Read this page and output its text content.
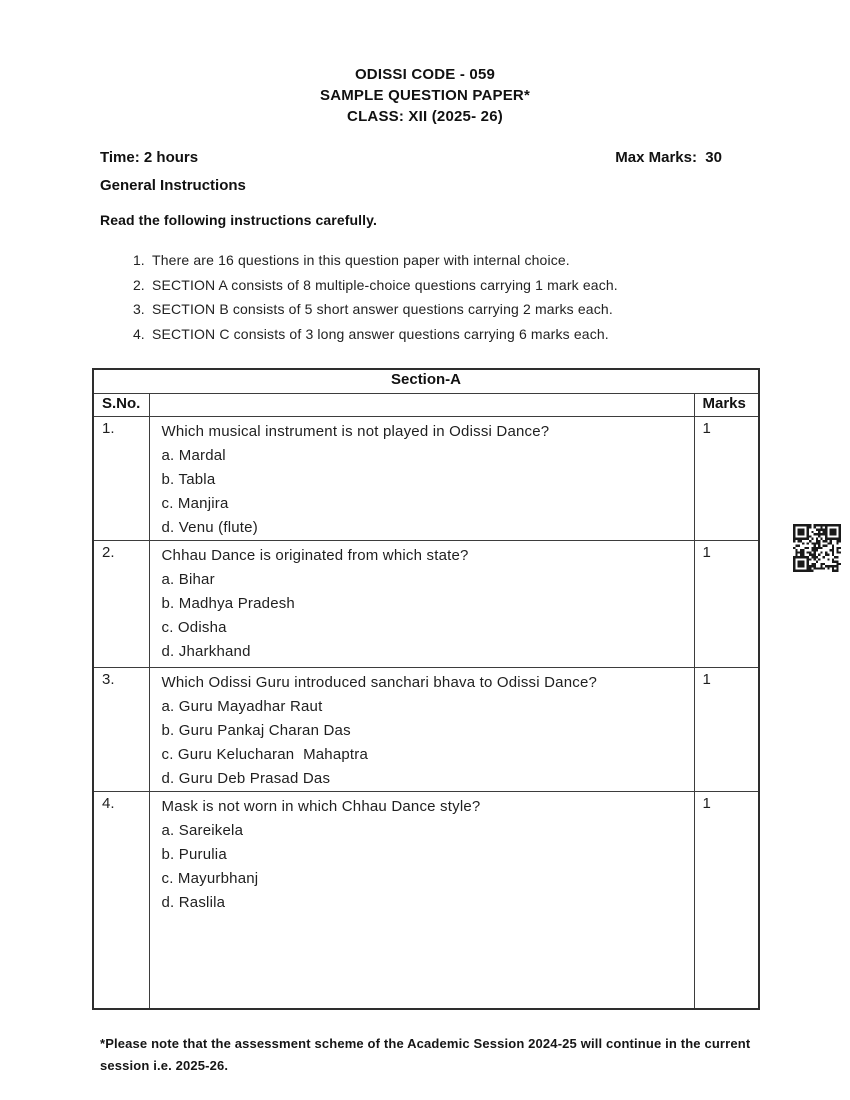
ODISSI CODE - 059
SAMPLE QUESTION PAPER*
CLASS: XII (2025- 26)
Time: 2 hours	Max Marks:  30
General Instructions
Read the following instructions carefully.
1. There are 16 questions in this question paper with internal choice.
2. SECTION A consists of 8 multiple-choice questions carrying 1 mark each.
3. SECTION B consists of 5 short answer questions carrying 2 marks each.
4. SECTION C consists of 3 long answer questions carrying 6 marks each.
Section-A		
S.No.		Marks
1.	Which musical instrument is not played in Odissi Dance?
a. Mardal
b. Tabla
c. Manjira
d. Venu (flute)	1
2.	Chhau Dance is originated from which state?
a. Bihar
b. Madhya Pradesh
c. Odisha
d. Jharkhand	1
3.	Which Odissi Guru introduced sanchari bhava to Odissi Dance?
a. Guru Mayadhar Raut
b. Guru Pankaj Charan Das
c. Guru Kelucharan  Mahaptra
d. Guru Deb Prasad Das	1
4.	Mask is not worn in which Chhau Dance style?
a. Sareikela
b. Purulia
c. Mayurbhanj
d. Raslila	1
*Please note that the assessment scheme of the Academic Session 2024-25 will continue in the current
session i.e. 2025-26.
